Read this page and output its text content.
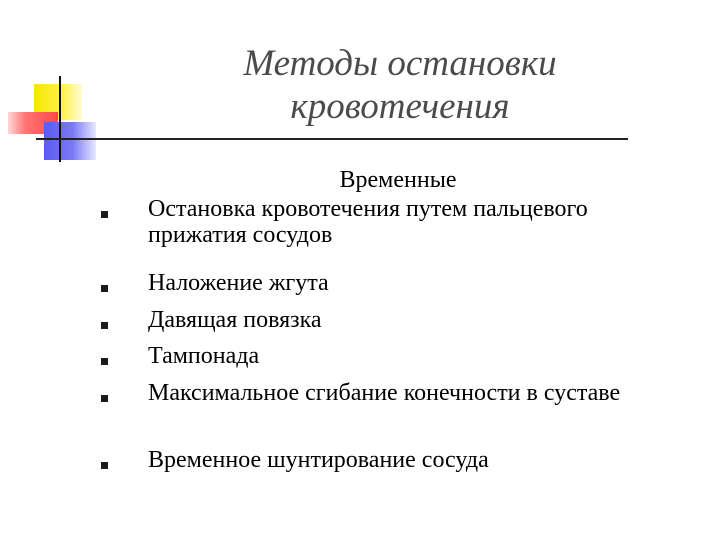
Методы остановки
кровотечения
Временные
Остановка кровотечения путем пальцевого прижатия сосудов
Наложение жгута
Давящая повязка
Тампонада
Максимальное сгибание конечности в суставе
Временное шунтирование сосуда
